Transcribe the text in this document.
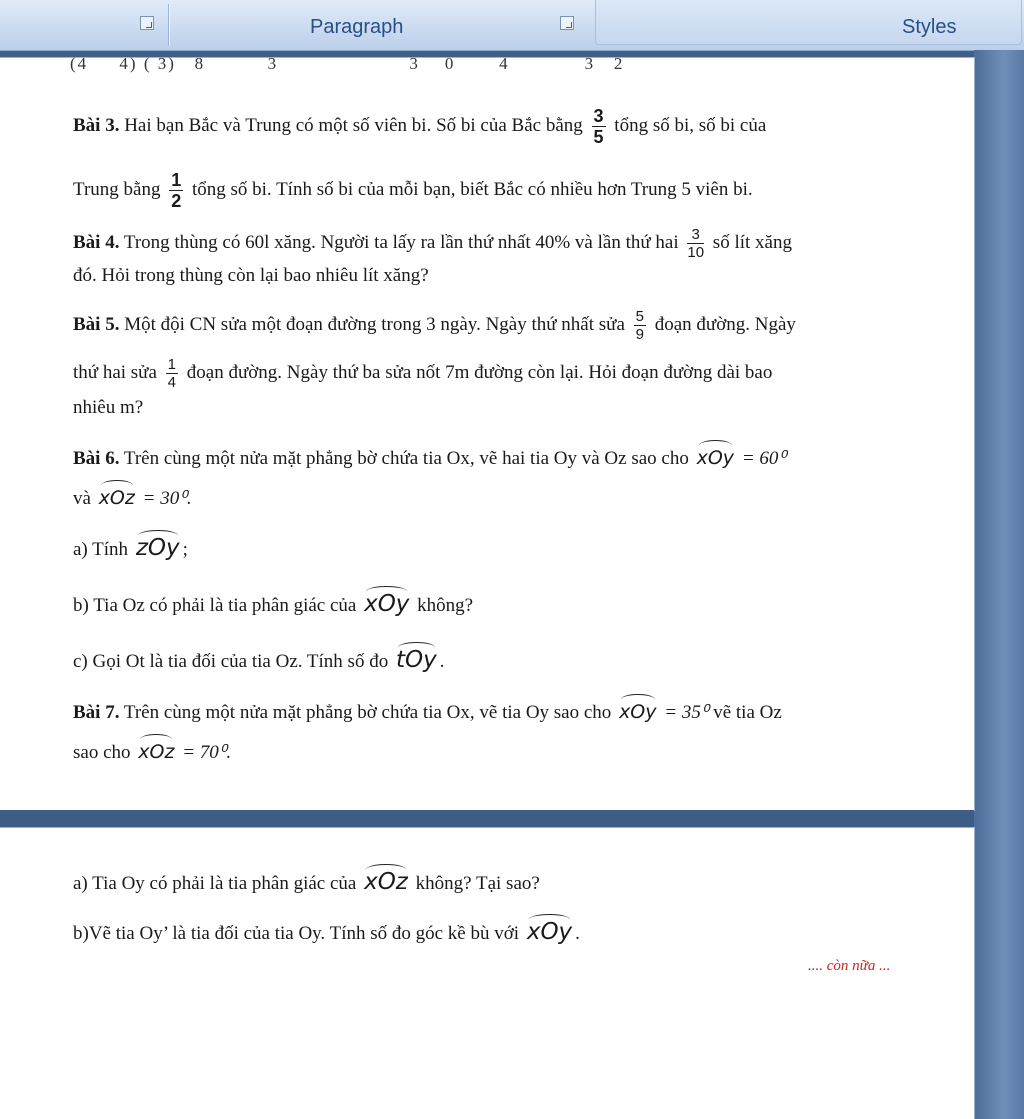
Paragraph	Styles
(4     4) ( 3)   8          3                     3    0       4            3   2
Bài 3. Hai bạn Bắc và Trung có một số viên bi. Số bi của Bắc bằng $\frac{3}{5}$ tổng số bi, số bi của
Trung bằng $\frac{1}{2}$ tổng số bi. Tính số bi của mỗi bạn, biết Bắc có nhiều hơn Trung 5 viên bi.
Bài 4. Trong thùng có 60l xăng. Người ta lấy ra lần thứ nhất 40% và lần thứ hai $\frac{3}{10}$ số lít xăng
đó. Hỏi trong thùng còn lại bao nhiêu lít xăng?
Bài 5. Một đội CN sửa một đoạn đường trong 3 ngày. Ngày thứ nhất sửa $\frac{5}{9}$ đoạn đường. Ngày
thứ hai sửa $\frac{1}{4}$ đoạn đường. Ngày thứ ba sửa nốt 7m đường còn lại. Hỏi đoạn đường dài bao
nhiêu m?
Bài 6. Trên cùng một nửa mặt phẳng bờ chứa tia Ox, vẽ hai tia Oy và Oz sao cho xOy = 60⁰
và xOz = 30⁰.
a) Tính zOy ;
b) Tia Oz có phải là tia phân giác của xOy không?
c) Gọi Ot là tia đối của tia Oz. Tính số đo tOy .
Bài 7. Trên cùng một nửa mặt phẳng bờ chứa tia Ox, vẽ tia Oy sao cho xOy = 35⁰ vẽ tia Oz
sao cho xOz = 70⁰.
a) Tia Oy có phải là tia phân giác của xOz không? Tại sao?
b)Vẽ tia Oy’ là tia đối của tia Oy. Tính số đo góc kề bù với xOy .
.... còn nữa ...
